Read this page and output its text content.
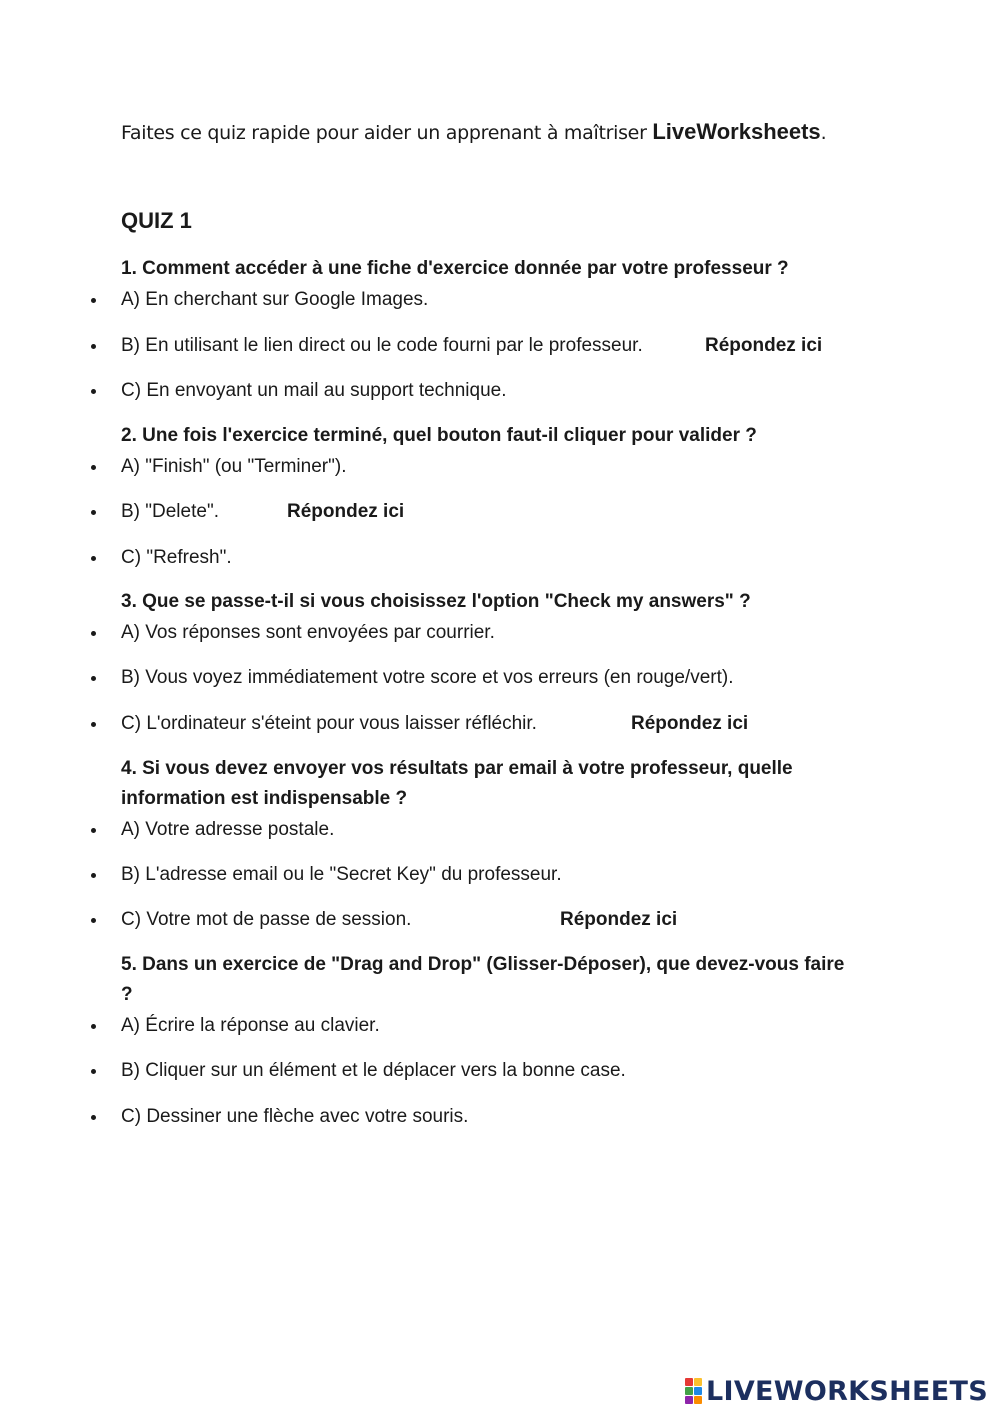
Faites ce quiz rapide pour aider un apprenant à maîtriser LiveWorksheets.

QUIZ 1

1. Comment accéder à une fiche d'exercice donnée par votre professeur ?

A) En cherchant sur Google Images.

B) En utilisant le lien direct ou le code fourni par le professeur.	Répondez ici

C) En envoyant un mail au support technique.

2. Une fois l'exercice terminé, quel bouton faut-il cliquer pour valider ?

A) "Finish" (ou "Terminer").

B) "Delete".	Répondez ici

C) "Refresh".

3. Que se passe-t-il si vous choisissez l'option "Check my answers" ?

A) Vos réponses sont envoyées par courrier.

B) Vous voyez immédiatement votre score et vos erreurs (en rouge/vert).

C) L'ordinateur s'éteint pour vous laisser réfléchir.	Répondez ici

4. Si vous devez envoyer vos résultats par email à votre professeur, quelle information est indispensable ?

A) Votre adresse postale.

B) L'adresse email ou le "Secret Key" du professeur.

C) Votre mot de passe de session.	Répondez ici

5. Dans un exercice de "Drag and Drop" (Glisser-Déposer), que devez-vous faire ?

A) Écrire la réponse au clavier.

B) Cliquer sur un élément et le déplacer vers la bonne case.

C) Dessiner une flèche avec votre souris.

LIVEWORKSHEETS
